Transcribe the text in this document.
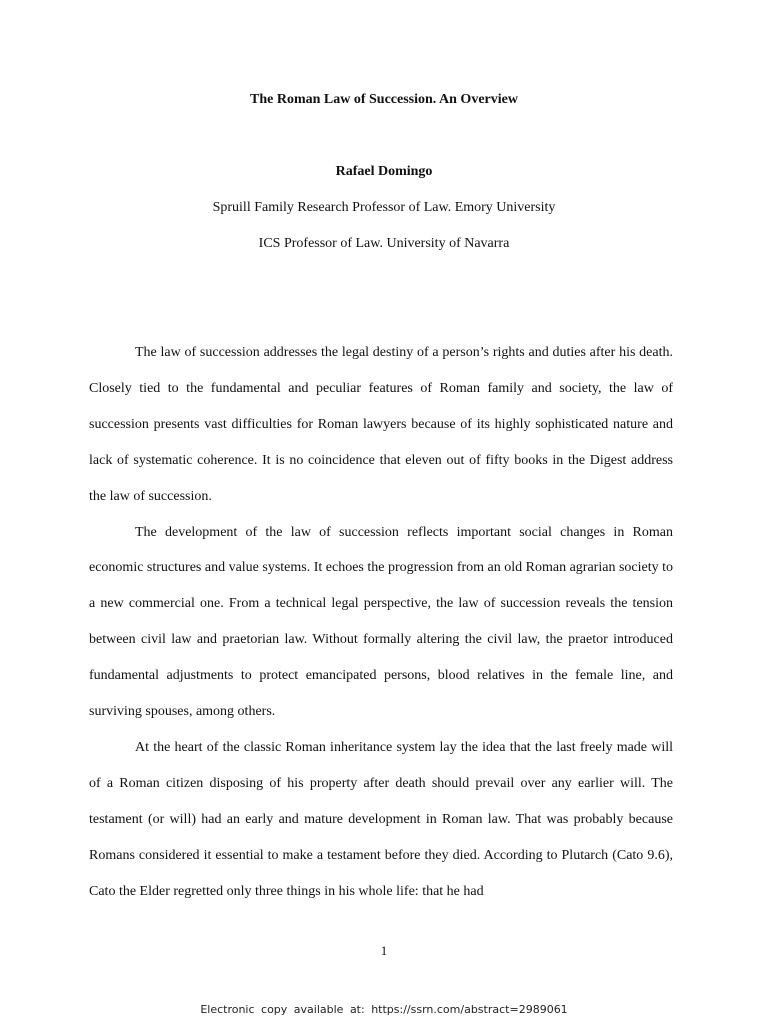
The Roman Law of Succession. An Overview
Rafael Domingo
Spruill Family Research Professor of Law. Emory University
ICS Professor of Law. University of Navarra

The law of succession addresses the legal destiny of a person’s rights and duties after his death. Closely tied to the fundamental and peculiar features of Roman family and society, the law of succession presents vast difficulties for Roman lawyers because of its highly sophisticated nature and lack of systematic coherence. It is no coincidence that eleven out of fifty books in the Digest address the law of succession.

The development of the law of succession reflects important social changes in Roman economic structures and value systems. It echoes the progression from an old Roman agrarian society to a new commercial one. From a technical legal perspective, the law of succession reveals the tension between civil law and praetorian law. Without formally altering the civil law, the praetor introduced fundamental adjustments to protect emancipated persons, blood relatives in the female line, and surviving spouses, among others.

At the heart of the classic Roman inheritance system lay the idea that the last freely made will of a Roman citizen disposing of his property after death should prevail over any earlier will. The testament (or will) had an early and mature development in Roman law. That was probably because Romans considered it essential to make a testament before they died. According to Plutarch (Cato 9.6), Cato the Elder regretted only three things in his whole life: that he had

1
Electronic copy available at: https://ssrn.com/abstract=2989061
